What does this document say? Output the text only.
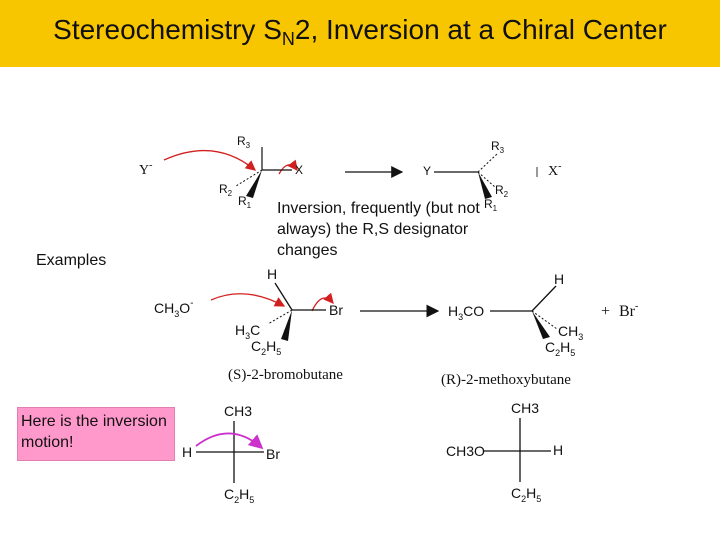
Stereochemistry $S_N2$, Inversion at a Chiral Center
Examples
Inversion, frequently (but not always) the R,S designator changes
Here is the inversion motion!
Y-
$R_3$
X
$R_2$
$R_1$
Y
$R_3$
$R_2$
$R_1$
X-
$CH_3O^-$
H
Br
$H_3C$
$C_2H_5$
$H_3CO$
H
$CH_3$
$C_2H_5$
+ Br-
(S)-2-bromobutane	(R)-2-methoxybutane
CH3
H	Br
$C_2H_5$
CH3
CH3O	H
$C_2H_5$
